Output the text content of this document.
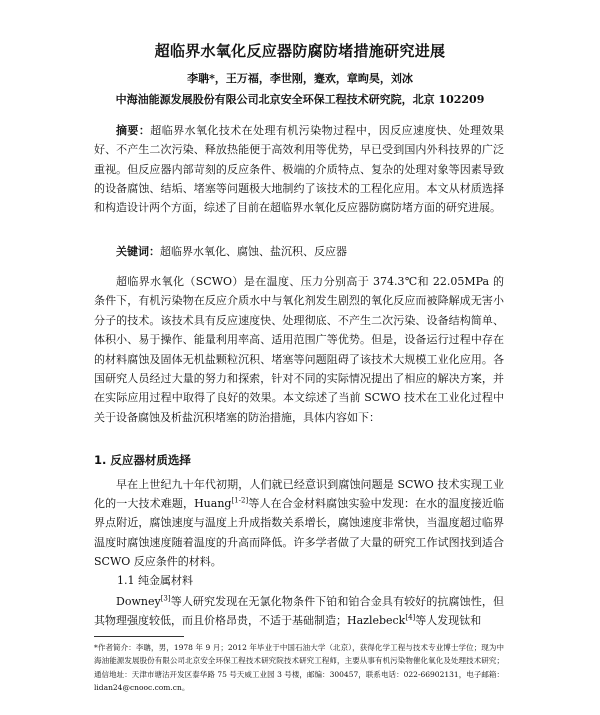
超临界水氧化反应器防腐防堵措施研究进展
李聃*，王万福，李世刚，蹇欢，章昫昊，刘冰
中海油能源发展股份有限公司北京安全环保工程技术研究院，北京 102209
摘要：超临界水氧化技术在处理有机污染物过程中，因反应速度快、处理效果好、不产生二次污染、释放热能便于高效利用等优势，早已受到国内外科技界的广泛重视。但反应器内部苛刻的反应条件、极端的介质特点、复杂的处理对象等因素导致的设备腐蚀、结垢、堵塞等问题极大地制约了该技术的工程化应用。本文从材质选择和构造设计两个方面，综述了目前在超临界水氧化反应器防腐防堵方面的研究进展。
关键词：超临界水氧化、腐蚀、盐沉积、反应器
超临界水氧化（SCWO）是在温度、压力分别高于 374.3℃和 22.05MPa 的条件下，有机污染物在反应介质水中与氧化剂发生剧烈的氧化反应而被降解成无害小分子的技术。该技术具有反应速度快、处理彻底、不产生二次污染、设备结构简单、体积小、易于操作、能量利用率高、适用范围广等优势。但是，设备运行过程中存在的材料腐蚀及固体无机盐颗粒沉积、堵塞等问题阻碍了该技术大规模工业化应用。各国研究人员经过大量的努力和探索，针对不同的实际情况提出了相应的解决方案，并在实际应用过程中取得了良好的效果。本文综述了当前 SCWO 技术在工业化过程中关于设备腐蚀及析盐沉积堵塞的防治措施，具体内容如下：
1. 反应器材质选择
早在上世纪九十年代初期，人们就已经意识到腐蚀问题是 SCWO 技术实现工业化的一大技术难题，Huang[1-2]等人在合金材料腐蚀实验中发现：在水的温度接近临界点附近，腐蚀速度与温度上升成指数关系增长，腐蚀速度非常快，当温度超过临界温度时腐蚀速度随着温度的升高而降低。许多学者做了大量的研究工作试图找到适合 SCWO 反应条件的材料。
1.1 纯金属材料
Downey[3]等人研究发现在无氯化物条件下铂和铂合金具有较好的抗腐蚀性，但其物理强度较低，而且价格昂贵，不适于基础制造；Hazlebeck[4]等人发现钛和
*作者简介：李聃，男，1978 年 9 月；2012 年毕业于中国石油大学（北京），获得化学工程与技术专业博士学位；现为中海油能源发展股份有限公司北京安全环保工程技术研究院技术研究工程师，主要从事有机污染物催化氧化及处理技术研究；通信地址：天津市塘沽开发区泰华路 75 号天威工业园 3 号楼，邮编：300457，联系电话：022-66902131，电子邮箱：lidan24@cnooc.com.cn。
